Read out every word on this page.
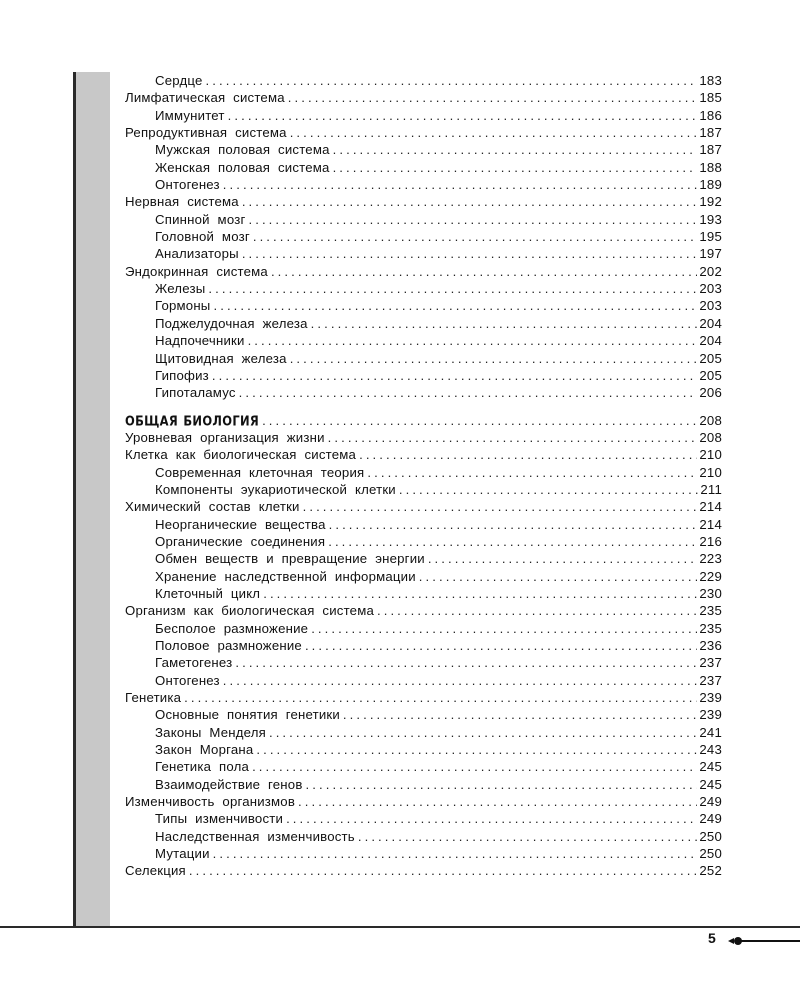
Сердце . . .	183
Лимфатическая система . . .	185
Иммунитет . . .	186
Репродуктивная система . . .	187
Мужская половая система . . .	187
Женская половая система . . .	188
Онтогенез . . .	189
Нервная система . . .	192
Спинной мозг . . .	193
Головной мозг . . .	195
Анализаторы . . .	197
Эндокринная система . . .	202
Железы . . .	203
Гормоны . . .	203
Поджелудочная железа . . .	204
Надпочечники . . .	204
Щитовидная железа . . .	205
Гипофиз . . .	205
Гипоталамус . . .	206
ОБЩАЯ БИОЛОГИЯ . . .	208
Уровневая организация жизни . . .	208
Клетка как биологическая система . . .	210
Современная клеточная теория . . .	210
Компоненты эукариотической клетки . . .	211
Химический состав клетки . . .	214
Неорганические вещества . . .	214
Органические соединения . . .	216
Обмен веществ и превращение энергии . . .	223
Хранение наследственной информации . . .	229
Клеточный цикл . . .	230
Организм как биологическая система . . .	235
Бесполое размножение . . .	235
Половое размножение . . .	236
Гаметогенез . . .	237
Онтогенез . . .	237
Генетика . . .	239
Основные понятия генетики . . .	239
Законы Менделя . . .	241
Закон Моргана . . .	243
Генетика пола . . .	245
Взаимодействие генов . . .	245
Изменчивость организмов . . .	249
Типы изменчивости . . .	249
Наследственная изменчивость . . .	250
Мутации . . .	250
Селекция . . .	252
5
